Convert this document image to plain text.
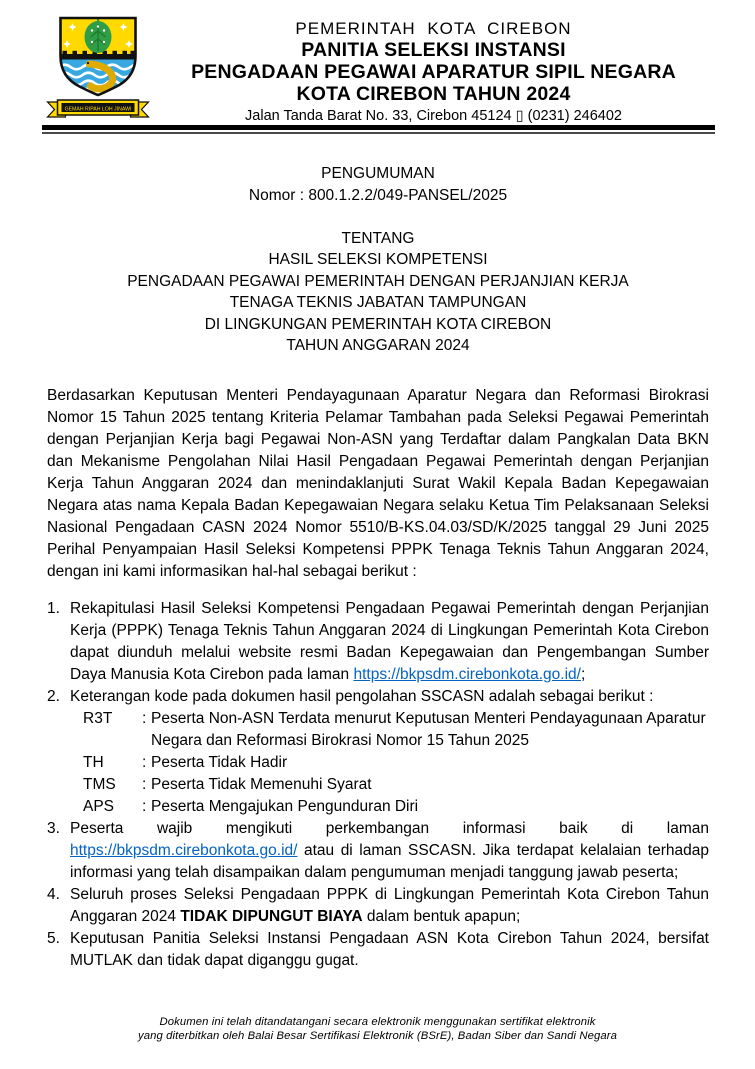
GEMAH RIPAH LOH JINAWI
PEMERINTAH KOTA CIREBON
PANITIA SELEKSI INSTANSI
PENGADAAN PEGAWAI APARATUR SIPIL NEGARA
KOTA CIREBON TAHUN 2024
Jalan Tanda Barat No. 33, Cirebon 45124 ▯ (0231) 246402
PENGUMUMAN
Nomor : 800.1.2.2/049-PANSEL/2025

TENTANG
HASIL SELEKSI KOMPETENSI
PENGADAAN PEGAWAI PEMERINTAH DENGAN PERJANJIAN KERJA
TENAGA TEKNIS JABATAN TAMPUNGAN
DI LINGKUNGAN PEMERINTAH KOTA CIREBON
TAHUN ANGGARAN 2024

Berdasarkan Keputusan Menteri Pendayagunaan Aparatur Negara dan Reformasi Birokrasi Nomor 15 Tahun 2025 tentang Kriteria Pelamar Tambahan pada Seleksi Pegawai Pemerintah dengan Perjanjian Kerja bagi Pegawai Non-ASN yang Terdaftar dalam Pangkalan Data BKN dan Mekanisme Pengolahan Nilai Hasil Pengadaan Pegawai Pemerintah dengan Perjanjian Kerja Tahun Anggaran 2024 dan menindaklanjuti Surat Wakil Kepala Badan Kepegawaian Negara atas nama Kepala Badan Kepegawaian Negara selaku Ketua Tim Pelaksanaan Seleksi Nasional Pengadaan CASN 2024 Nomor 5510/B-KS.04.03/SD/K/2025 tanggal 29 Juni 2025 Perihal Penyampaian Hasil Seleksi Kompetensi PPPK Tenaga Teknis Tahun Anggaran 2024, dengan ini kami informasikan hal-hal sebagai berikut :

1. Rekapitulasi Hasil Seleksi Kompetensi Pengadaan Pegawai Pemerintah dengan Perjanjian Kerja (PPPK) Tenaga Teknis Tahun Anggaran 2024 di Lingkungan Pemerintah Kota Cirebon dapat diunduh melalui website resmi Badan Kepegawaian dan Pengembangan Sumber Daya Manusia Kota Cirebon pada laman https://bkpsdm.cirebonkota.go.id/;
2. Keterangan kode pada dokumen hasil pengolahan SSCASN adalah sebagai berikut :
R3T	: Peserta Non-ASN Terdata menurut Keputusan Menteri Pendayagunaan Aparatur Negara dan Reformasi Birokrasi Nomor 15 Tahun 2025
TH	: Peserta Tidak Hadir
TMS	: Peserta Tidak Memenuhi Syarat
APS	: Peserta Mengajukan Pengunduran Diri
3. Peserta wajib mengikuti perkembangan informasi baik di laman https://bkpsdm.cirebonkota.go.id/ atau di laman SSCASN. Jika terdapat kelalaian terhadap informasi yang telah disampaikan dalam pengumuman menjadi tanggung jawab peserta;
4. Seluruh proses Seleksi Pengadaan PPPK di Lingkungan Pemerintah Kota Cirebon Tahun Anggaran 2024 TIDAK DIPUNGUT BIAYA dalam bentuk apapun;
5. Keputusan Panitia Seleksi Instansi Pengadaan ASN Kota Cirebon Tahun 2024, bersifat MUTLAK dan tidak dapat diganggu gugat.
Dokumen ini telah ditandatangani secara elektronik menggunakan sertifikat elektronik
yang diterbitkan oleh Balai Besar Sertifikasi Elektronik (BSrE), Badan Siber dan Sandi Negara
